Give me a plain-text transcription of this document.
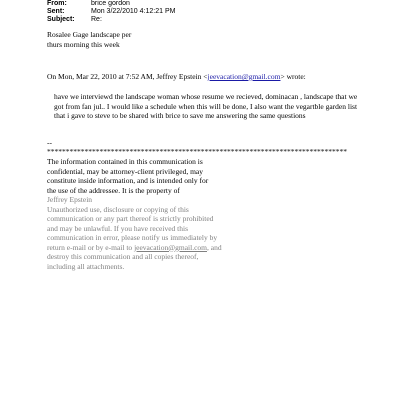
From:	brice gordon
Sent:	Mon 3/22/2010 4:12:21 PM
Subject:	Re:
Rosalee Gage landscape per
thurs morning this week
On Mon, Mar 22, 2010 at 7:52 AM, Jeffrey Epstein <jeevacation@gmail.com> wrote:
have we interviewd the landscape woman whose resume we recieved, dominacan , landscape that we got from fan jul.. I would like a schedule when this will be done, I also want the vegartble garden list that i gave to steve to be shared with brice to save me answering the same questions
--
********************************************************************************
The information contained in this communication is
confidential, may be attorney-client privileged, may
constitute inside information, and is intended only for
the use of the addressee. It is the property of
Jeffrey Epstein
Unauthorized use, disclosure or copying of this
communication or any part thereof is strictly prohibited
and may be unlawful. If you have received this
communication in error, please notify us immediately by
return e-mail or by e-mail to jeevacation@gmail.com, and
destroy this communication and all copies thereof,
including all attachments.
